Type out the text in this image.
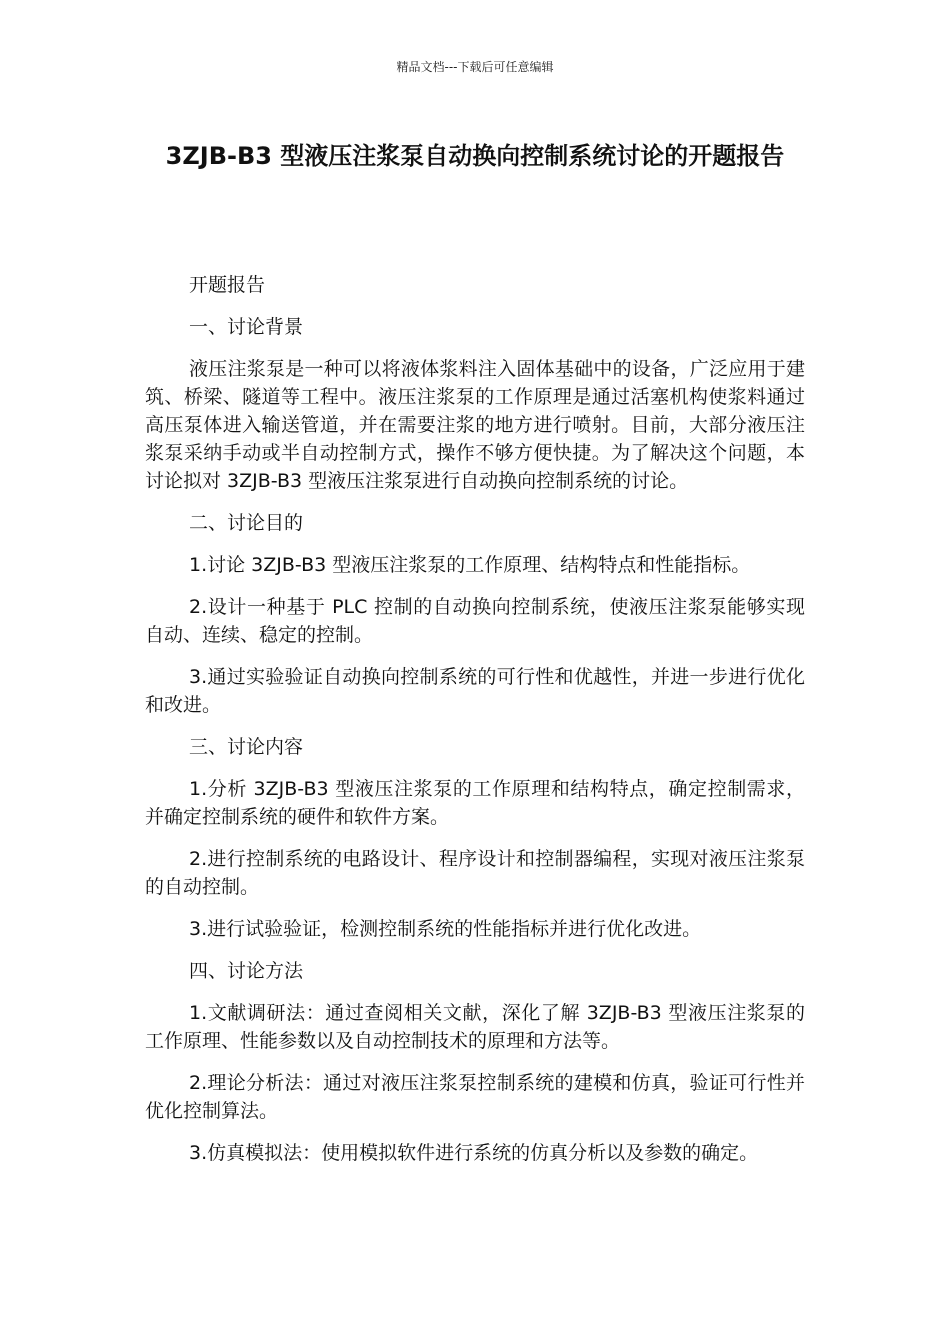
精品文档---下载后可任意编辑
3ZJB-B3 型液压注浆泵自动换向控制系统讨论的开题报告

开题报告

一、讨论背景

液压注浆泵是一种可以将液体浆料注入固体基础中的设备，广泛应用于建筑、桥梁、隧道等工程中。液压注浆泵的工作原理是通过活塞机构使浆料通过高压泵体进入输送管道，并在需要注浆的地方进行喷射。目前，大部分液压注浆泵采纳手动或半自动控制方式，操作不够方便快捷。为了解决这个问题，本讨论拟对 3ZJB-B3 型液压注浆泵进行自动换向控制系统的讨论。

二、讨论目的

1.讨论 3ZJB-B3 型液压注浆泵的工作原理、结构特点和性能指标。

2.设计一种基于 PLC 控制的自动换向控制系统，使液压注浆泵能够实现自动、连续、稳定的控制。

3.通过实验验证自动换向控制系统的可行性和优越性，并进一步进行优化和改进。

三、讨论内容

1.分析 3ZJB-B3 型液压注浆泵的工作原理和结构特点，确定控制需求，并确定控制系统的硬件和软件方案。

2.进行控制系统的电路设计、程序设计和控制器编程，实现对液压注浆泵的自动控制。

3.进行试验验证，检测控制系统的性能指标并进行优化改进。

四、讨论方法

1.文献调研法：通过查阅相关文献，深化了解 3ZJB-B3 型液压注浆泵的工作原理、性能参数以及自动控制技术的原理和方法等。

2.理论分析法：通过对液压注浆泵控制系统的建模和仿真，验证可行性并优化控制算法。

3.仿真模拟法：使用模拟软件进行系统的仿真分析以及参数的确定。
